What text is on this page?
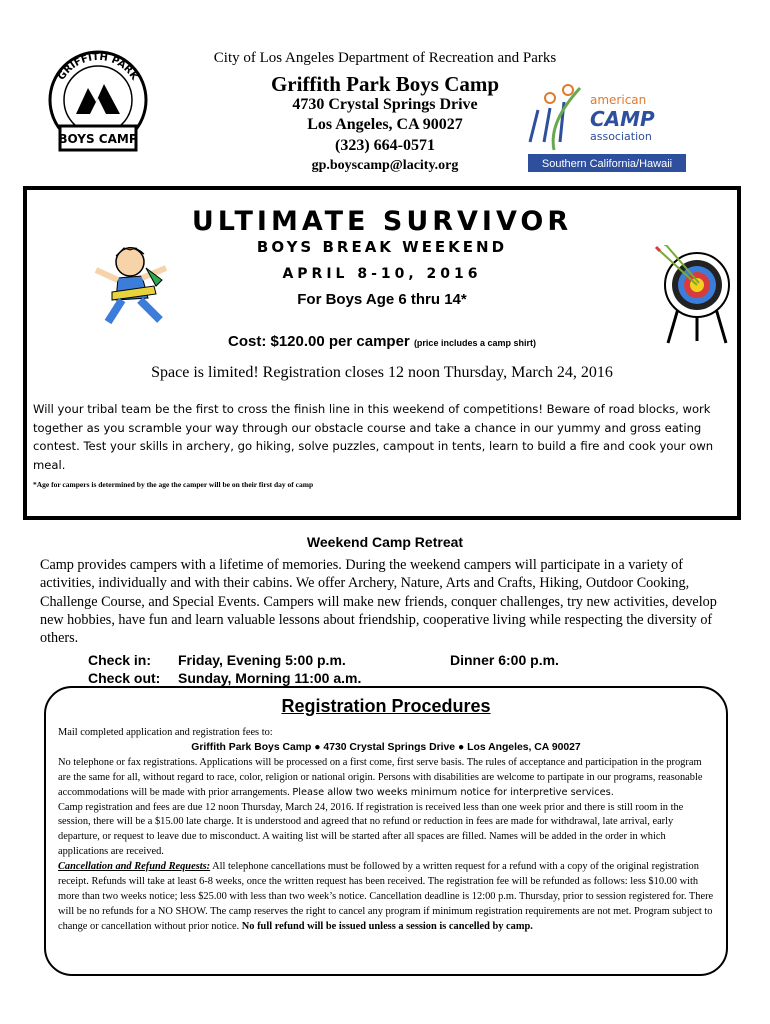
City of Los Angeles Department of Recreation and Parks
Griffith Park Boys Camp
4730 Crystal Springs Drive
Los Angeles, CA 90027
(323) 664-0571
gp.boyscamp@lacity.org
BOYS CAMP
GRIFFITH PARK
american
CAMP
association
Southern California/Hawaii
ULTIMATE SURVIVOR
BOYS BREAK WEEKEND
APRIL 8-10, 2016
For Boys Age 6 thru 14*
Cost: $120.00 per camper (price includes a camp shirt)
Space is limited! Registration closes 12 noon Thursday, March 24, 2016
Will your tribal team be the first to cross the finish line in this weekend of competitions! Beware of road blocks, work together as you scramble your way through our obstacle course and take a chance in our yummy and gross eating contest. Test your skills in archery, go hiking, solve puzzles, campout in tents, learn to build a fire and cook your own meal.
*Age for campers is determined by the age the camper will be on their first day of camp
Weekend Camp Retreat
Camp provides campers with a lifetime of memories. During the weekend campers will participate in a variety of activities, individually and with their cabins. We offer Archery, Nature, Arts and Crafts, Hiking, Outdoor Cooking, Challenge Course, and Special Events. Campers will make new friends, conquer challenges, try new activities, develop new hobbies, have fun and learn valuable lessons about friendship, cooperative living while respecting the diversity of others.
Check in: Friday, Evening 5:00 p.m.	Dinner 6:00 p.m.
Check out: Sunday, Morning 11:00 a.m.
Registration Procedures
Mail completed application and registration fees to:
Griffith Park Boys Camp ● 4730 Crystal Springs Drive ● Los Angeles, CA 90027
No telephone or fax registrations. Applications will be processed on a first come, first serve basis. The rules of acceptance and participation in the program are the same for all, without regard to race, color, religion or national origin. Persons with disabilities are welcome to partipate in our programs, reasonable accommodations will be made with prior arrangements. Please allow two weeks minimum notice for interpretive services.
Camp registration and fees are due 12 noon Thursday, March 24, 2016. If registration is received less than one week prior and there is still room in the session, there will be a $15.00 late charge. It is understood and agreed that no refund or reduction in fees are made for withdrawal, late arrival, early departure, or request to leave due to misconduct. A waiting list will be started after all spaces are filled. Names will be added in the order in which applications are received.
Cancellation and Refund Requests: All telephone cancellations must be followed by a written request for a refund with a copy of the original registration receipt. Refunds will take at least 6-8 weeks, once the written request has been received. The registration fee will be refunded as follows: less $10.00 with more than two weeks notice; less $25.00 with less than two week’s notice. Cancellation deadline is 12:00 p.m. Thursday, prior to session registered for. There will be no refunds for a NO SHOW. The camp reserves the right to cancel any program if minimum registration requirements are not met. Program subject to change or cancellation without prior notice. No full refund will be issued unless a session is cancelled by camp.
